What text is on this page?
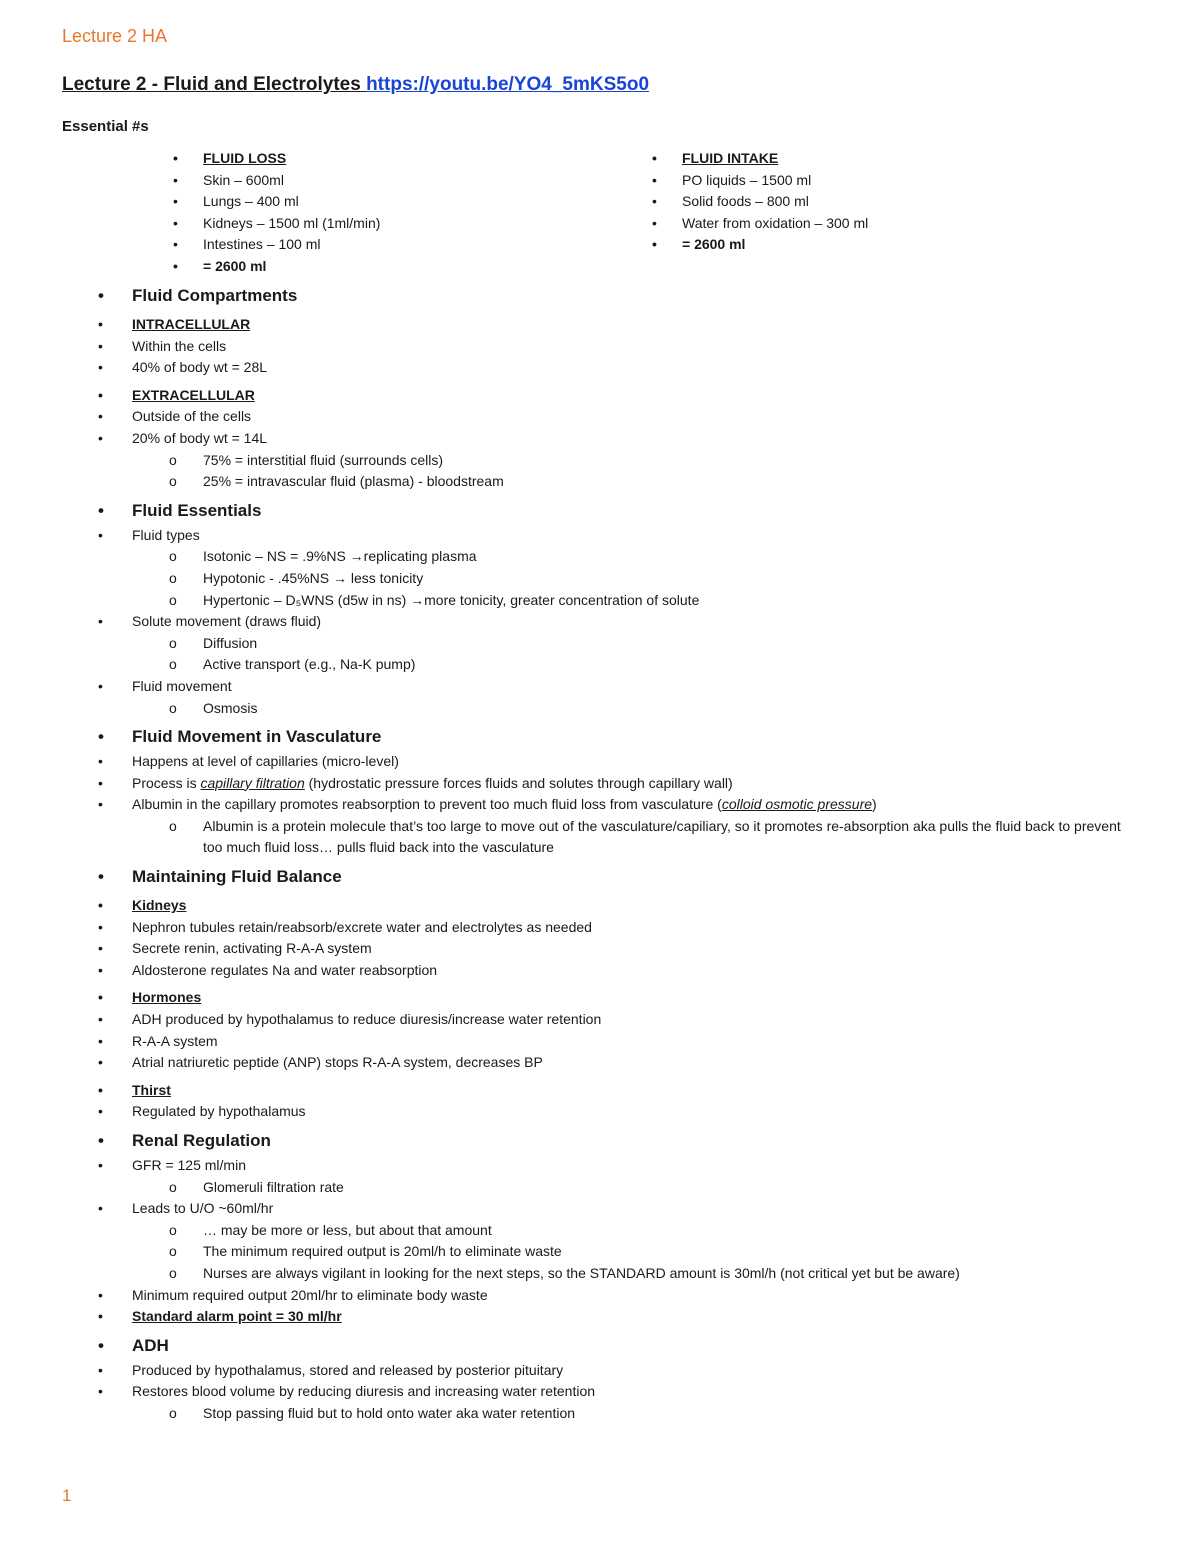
Lecture 2 HA
Lecture 2 - Fluid and Electrolytes https://youtu.be/YO4_5mKS5o0
Essential #s
• FLUID LOSS
• Skin – 600ml
• Lungs – 400 ml
• Kidneys – 1500 ml (1ml/min)
• Intestines – 100 ml
• = 2600 ml
• FLUID INTAKE
• PO liquids – 1500 ml
• Solid foods – 800 ml
• Water from oxidation – 300 ml
• = 2600 ml
• Fluid Compartments
• INTRACELLULAR
• Within the cells
• 40% of body wt = 28L
• EXTRACELLULAR
• Outside of the cells
• 20% of body wt = 14L
o 75% = interstitial fluid (surrounds cells)
o 25% = intravascular fluid (plasma) - bloodstream
• Fluid Essentials
• Fluid types
o Isotonic – NS = .9%NS →replicating plasma
o Hypotonic - .45%NS → less tonicity
o Hypertonic – D₅WNS (d5w in ns) →more tonicity, greater concentration of solute
• Solute movement (draws fluid)
o Diffusion
o Active transport (e.g., Na-K pump)
• Fluid movement
o Osmosis
• Fluid Movement in Vasculature
• Happens at level of capillaries (micro-level)
• Process is capillary filtration (hydrostatic pressure forces fluids and solutes through capillary wall)
• Albumin in the capillary promotes reabsorption to prevent too much fluid loss from vasculature (colloid osmotic pressure)
o Albumin is a protein molecule that’s too large to move out of the vasculature/capiliary, so it promotes re-absorption aka pulls the fluid back to prevent too much fluid loss… pulls fluid back into the vasculature
• Maintaining Fluid Balance
• Kidneys
• Nephron tubules retain/reabsorb/excrete water and electrolytes as needed
• Secrete renin, activating R-A-A system
• Aldosterone regulates Na and water reabsorption
• Hormones
• ADH produced by hypothalamus to reduce diuresis/increase water retention
• R-A-A system
• Atrial natriuretic peptide (ANP) stops R-A-A system, decreases BP
• Thirst
• Regulated by hypothalamus
• Renal Regulation
• GFR = 125 ml/min
o Glomeruli filtration rate
• Leads to U/O ~60ml/hr
o … may be more or less, but about that amount
o The minimum required output is 20ml/h to eliminate waste
o Nurses are always vigilant in looking for the next steps, so the STANDARD amount is 30ml/h (not critical yet but be aware)
• Minimum required output 20ml/hr to eliminate body waste
• Standard alarm point = 30 ml/hr
• ADH
• Produced by hypothalamus, stored and released by posterior pituitary
• Restores blood volume by reducing diuresis and increasing water retention
o Stop passing fluid but to hold onto water aka water retention
1
